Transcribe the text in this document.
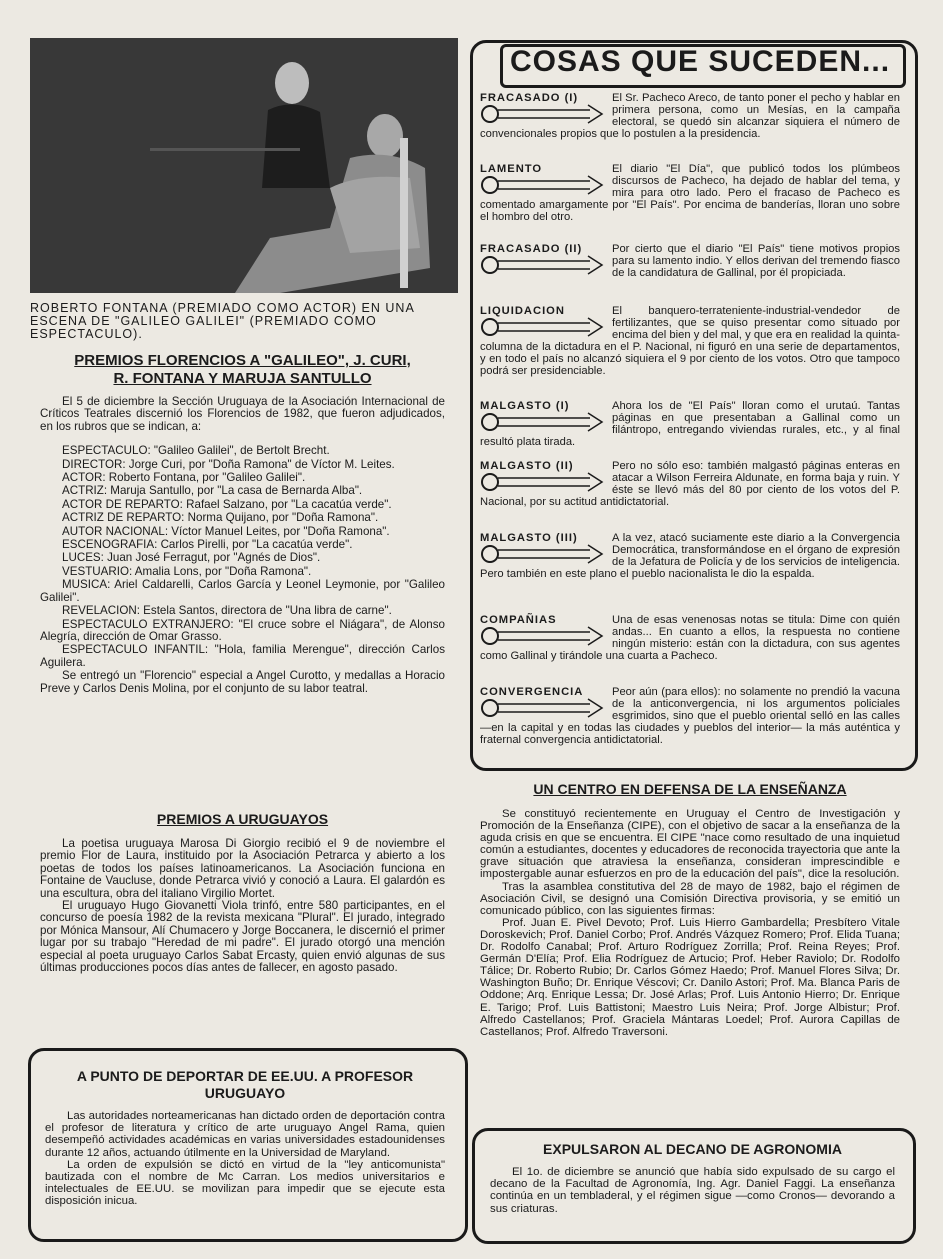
ROBERTO FONTANA (PREMIADO COMO ACTOR) EN UNA ESCENA DE "GALILEO GALILEI" (PREMIADO COMO ESPECTACULO).
PREMIOS FLORENCIOS A "GALILEO", J. CURI,
R. FONTANA Y MARUJA SANTULLO

El 5 de diciembre la Sección Uruguaya de la Asociación Internacional de Críticos Teatrales discernió los Florencios de 1982, que fueron adjudicados, en los rubros que se indican, a:

ESPECTACULO: "Galileo Galilei", de Bertolt Brecht.

DIRECTOR: Jorge Curi, por "Doña Ramona" de Víctor M. Leites.

ACTOR: Roberto Fontana, por "Galileo Galilei".

ACTRIZ: Maruja Santullo, por "La casa de Bernarda Alba".

ACTOR DE REPARTO: Rafael Salzano, por "La cacatúa verde".

ACTRIZ DE REPARTO: Norma Quijano, por "Doña Ramona".

AUTOR NACIONAL: Víctor Manuel Leites, por "Doña Ramona".

ESCENOGRAFIA: Carlos Pirelli, por "La cacatúa verde".

LUCES: Juan José Ferragut, por "Agnés de Dios".

VESTUARIO: Amalia Lons, por "Doña Ramona".

MUSICA: Ariel Caldarelli, Carlos García y Leonel Leymonie, por "Galileo Galilei".

REVELACION: Estela Santos, directora de "Una libra de carne".

ESPECTACULO EXTRANJERO: "El cruce sobre el Niágara", de Alonso Alegría, dirección de Omar Grasso.

ESPECTACULO INFANTIL: "Hola, familia Merengue", dirección Carlos Aguilera.

Se entregó un "Florencio" especial a Angel Curotto, y medallas a Horacio Preve y Carlos Denis Molina, por el conjunto de su labor teatral.

PREMIOS A URUGUAYOS

La poetisa uruguaya Marosa Di Giorgio recibió el 9 de noviembre el premio Flor de Laura, instituido por la Asociación Petrarca y abierto a los poetas de todos los países latinoamericanos. La Asociación funciona en Fontaine de Vaucluse, donde Petrarca vivió y conoció a Laura. El galardón es una escultura, obra del italiano Virgilio Mortet.

El uruguayo Hugo Giovanetti Viola trinfó, entre 580 participantes, en el concurso de poesía 1982 de la revista mexicana "Plural". El jurado, integrado por Mónica Mansour, Alí Chumacero y Jorge Boccanera, le discernió el primer lugar por su trabajo "Heredad de mi padre". El jurado otorgó una mención especial al poeta uruguayo Carlos Sabat Ercasty, quien envió algunas de sus últimas producciones pocos días antes de fallecer, en agosto pasado.

A PUNTO DE DEPORTAR DE EE.UU. A PROFESOR URUGUAYO

Las autoridades norteamericanas han dictado orden de deportación contra el profesor de literatura y crítico de arte uruguayo Angel Rama, quien desempeñó actividades académicas en varias universidades estadounidenses durante 12 años, actuando útilmente en la Universidad de Maryland.

La orden de expulsión se dictó en virtud de la "ley anticomunista" bautizada con el nombre de Mc Carran. Los medios universitarios e intelectuales de EE.UU. se movilizan para impedir que se ejecute esta disposición inicua.

COSAS QUE SUCEDEN...
FRACASADO (I)	El Sr. Pacheco Areco, de tanto poner el pecho y hablar en primera persona, como un Mesías, en la campaña electoral, se quedó sin alcanzar siquiera el número de convencionales propios que lo postulen a la presidencia.
LAMENTO	El diario "El Día", que publicó todos los plúmbeos discursos de Pacheco, ha dejado de hablar del tema, y mira para otro lado. Pero el fracaso de Pacheco es comentado amargamente por "El País". Por encima de banderías, lloran uno sobre el hombro del otro.
FRACASADO (II)	Por cierto que el diario "El País" tiene motivos propios para su lamento indio. Y ellos derivan del tremendo fiasco de la candidatura de Gallinal, por él propiciada.
LIQUIDACION	El banquero-terrateniente-industrial-vendedor de fertilizantes, que se quiso presentar como situado por encima del bien y del mal, y que era en realidad la quinta-columna de la dictadura en el P. Nacional, ni figuró en una serie de departamentos, y en todo el país no alcanzó siquiera el 9 por ciento de los votos. Otro que tampoco podrá ser presidenciable.
MALGASTO (I)	Ahora los de "El País" lloran como el urutaú. Tantas páginas en que presentaban a Gallinal como un filántropo, entregando viviendas rurales, etc., y al final resultó plata tirada.
MALGASTO (II)	Pero no sólo eso: también malgastó páginas enteras en atacar a Wilson Ferreira Aldunate, en forma baja y ruin. Y éste se llevó más del 80 por ciento de los votos del P. Nacional, por su actitud antidictatorial.
MALGASTO (III)	A la vez, atacó suciamente este diario a la Convergencia Democrática, transformándose en el órgano de expresión de la Jefatura de Policía y de los servicios de inteligencia. Pero también en este plano el pueblo nacionalista le dio la espalda.
COMPAÑIAS	Una de esas venenosas notas se titula: Dime con quién andas... En cuanto a ellos, la respuesta no contiene ningún misterio: están con la dictadura, con sus agentes como Gallinal y tirándole una cuarta a Pacheco.
CONVERGENCIA	Peor aún (para ellos): no solamente no prendió la vacuna de la anticonvergencia, ni los argumentos policiales esgrimidos, sino que el pueblo oriental selló en las calles —en la capital y en todas las ciudades y pueblos del interior— la más auténtica y fraternal convergencia antidictatorial.
UN CENTRO EN DEFENSA DE LA ENSEÑANZA

Se constituyó recientemente en Uruguay el Centro de Investigación y Promoción de la Enseñanza (CIPE), con el objetivo de sacar a la enseñanza de la aguda crisis en que se encuentra. El CIPE "nace como resultado de una inquietud común a estudiantes, docentes y educadores de reconocida trayectoria que ante la grave situación que atraviesa la enseñanza, consideran imprescindible e impostergable aunar esfuerzos en pro de la educación del país", dice la resolución.

Tras la asamblea constitutiva del 28 de mayo de 1982, bajo el régimen de Asociación Civil, se designó una Comisión Directiva provisoria, y se emitió un comunicado público, con las siguientes firmas:

Prof. Juan E. Pivel Devoto; Prof. Luis Hierro Gambardella; Presbítero Vitale Doroskevich; Prof. Daniel Corbo; Prof. Andrés Vázquez Romero; Prof. Elida Tuana; Dr. Rodolfo Canabal; Prof. Arturo Rodríguez Zorrilla; Prof. Reina Reyes; Prof. Germán D'Elía; Prof. Elia Rodríguez de Artucio; Prof. Heber Raviolo; Dr. Rodolfo Tálice; Dr. Roberto Rubio; Dr. Carlos Gómez Haedo; Prof. Manuel Flores Silva; Dr. Washington Buño; Dr. Enrique Véscovi; Cr. Danilo Astori; Prof. Ma. Blanca Paris de Oddone; Arq. Enrique Lessa; Dr. José Arlas; Prof. Luis Antonio Hierro; Dr. Enrique E. Tarigo; Prof. Luis Battistoni; Maestro Luis Neira; Prof. Jorge Albistur; Prof. Alfredo Castellanos; Prof. Graciela Mántaras Loedel; Prof. Aurora Capillas de Castellanos; Prof. Alfredo Traversoni.

EXPULSARON AL DECANO DE AGRONOMIA

El 1o. de diciembre se anunció que había sido expulsado de su cargo el decano de la Facultad de Agronomía, Ing. Agr. Daniel Faggi. La enseñanza continúa en un tembladeral, y el régimen sigue —como Cronos— devorando a sus criaturas.
